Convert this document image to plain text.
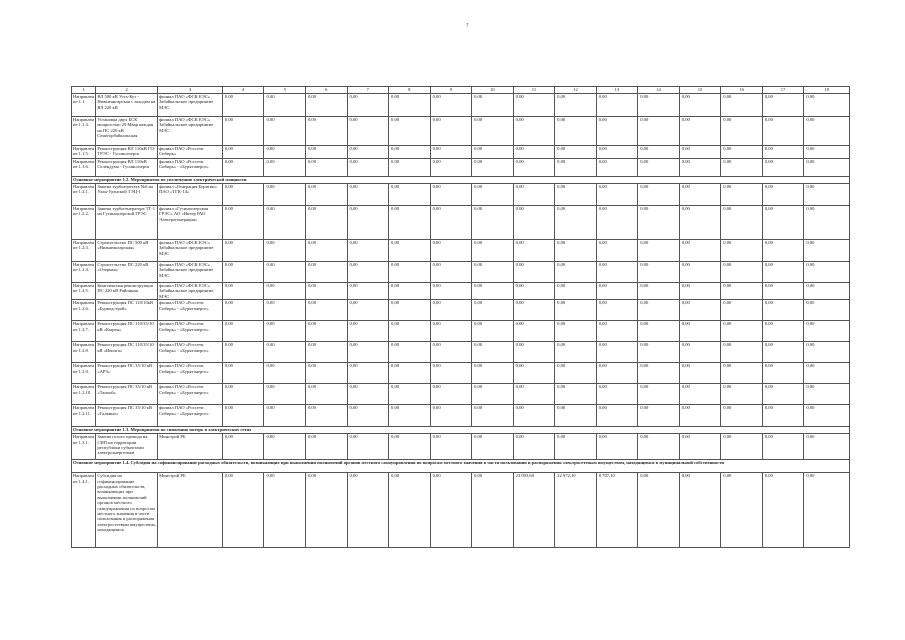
7
1	2	3	4	5	6	7	8	9	10	11	12	13	14	15	16	17	18
Направление 1.1.	ВЛ 500 кВ Усть-Кут - Нижнеангарская с заходом на ВЛ 220 кВ	филиал ПАО «ФСК ЕЭС» Забайкальское предприятие МЭС	0,00	0,00	0,00	0,00	0,00	0,00	0,00	0,00	0,00	0,00	0,00	0,00	0,00	0,00	0,00
Направление 1.1.4.	Установка двух БСК мощностью 29 Мвар каждая на ПС 220 кВ Сеногорбайкальская	филиал ПАО «ФСК ЕЭС» Забайкальское предприятие МЭС	0,00	0,00	0,00	0,00	0,00	0,00	0,00	0,00	0,00	0,00	0,00	0,00	0,00	0,00	0,00
Направление 1.1.5.	Реконструкция ВЛ 110кВ ГО-ТРЭС - Гусиноозерск	филиал ПАО «Россети Сибирь»	0,00	0,00	0,00	0,00	0,00	0,00	0,00	0,00	0,00	0,00	0,00	0,00	0,00	0,00	0,00
Направление 1.1.6.	Реконструкция ВЛ 110кВ Селендума - Гусиноозерск	филиал ПАО «Россети Сибирь» - «Бурятэнерго»	0,00	0,00	0,00	0,00	0,00	0,00	0,00	0,00	0,00	0,00	0,00	0,00	0,00	0,00	0,00
Основное мероприятие 1.2. Мероприятия по увеличению электрической мощности																	
Направление 1.2.1.	Замена турбоагрегата №6 на Улан-Удэнской ТЭЦ-1	филиал «Генерация Бурятии» ПАО «ТГК-14»	0,00	0,00	0,00	0,00	0,00	0,00	0,00	0,00	0,00	0,00	0,00	0,00	0,00	0,00	0,00
Направление 1.2.2.	Замена турбогенератора ТГ-1 на Гусиноозерской ГРЭС	филиал «Гусиноозерская ГРЭС» АО «Интер РАО Электрогенерация»	0,00	0,00	0,00	0,00	0,00	0,00	0,00	0,00	0,00	0,00	0,00	0,00	0,00	0,00	0,00
Направление 1.2.3.	Строительство ПС 500 кВ «Нижнеангарская»	филиал ПАО «ФСК ЕЭС» Забайкальское предприятие МЭС	0,00	0,00	0,00	0,00	0,00	0,00	0,00	0,00	0,00	0,00	0,00	0,00	0,00	0,00	0,00
Направление 1.2.4.	Строительство ПС 220 кВ «Озерная»	филиал ПАО «ФСК ЕЭС» Забайкальское предприятие МЭС	0,00	0,00	0,00	0,00	0,00	0,00	0,00	0,00	0,00	0,00	0,00	0,00	0,00	0,00	0,00
Направление 1.2.5.	Комплексная реконструкция ПС 220 кВ Районная	филиал ПАО «ФСК ЕЭС» Забайкальское предприятие МЭС	0,00	0,00	0,00	0,00	0,00	0,00	0,00	0,00	0,00	0,00	0,00	0,00	0,00	0,00	0,00
Направление 1.2.6.	Реконструкция ПС 110/10кВ «Бурводстрой»	филиал ПАО «Россети Сибирь» - «Бурятэнерго»	0,00	0,00	0,00	0,00	0,00	0,00	0,00	0,00	0,00	0,00	0,00	0,00	0,00	0,00	0,00
Направление 1.2.7.	Реконструкция ПС 110/35/10 кВ «Кырен»	филиал ПАО «Россети Сибирь» - «Бурятэнерго»	0,00	0,00	0,00	0,00	0,00	0,00	0,00	0,00	0,00	0,00	0,00	0,00	0,00	0,00	0,00
Направление 1.2.8.	Реконструкция ПС 110/35/10 кВ «Иволга»	филиал ПАО «Россети Сибирь» - «Бурятэнерго»	0,00	0,00	0,00	0,00	0,00	0,00	0,00	0,00	0,00	0,00	0,00	0,00	0,00	0,00	0,00
Направление 1.2.9.	Реконструкция ПС 35/10 кВ «АРЗ»	филиал ПАО «Россети Сибирь» - «Бурятэнерго»	0,00	0,00	0,00	0,00	0,00	0,00	0,00	0,00	0,00	0,00	0,00	0,00	0,00	0,00	0,00
Направление 1.2.10.	Реконструкция ПС 35/10 кВ «Танхой»	филиал ПАО «Россети Сибирь» - «Бурятэнерго»	0,00	0,00	0,00	0,00	0,00	0,00	0,00	0,00	0,00	0,00	0,00	0,00	0,00	0,00	0,00
Направление 1.2.11.	Реконструкция ПС 35/10 кВ «Галкино»	филиал ПАО «Россети Сибирь» - «Бурятэнерго»	0,00	0,00	0,00	0,00	0,00	0,00	0,00	0,00	0,00	0,00	0,00	0,00	0,00	0,00	0,00
Основное мероприятие 1.3. Мероприятия по снижению потерь в электрических сетях																	
Направление 1.3.1.	Замена голого провода на СИП на территории республики субъектами электроэнергетики	Минстрой РБ	0,00	0,00	0,00	0,00	0,00	0,00	0,00	0,00	0,00	0,00	0,00	0,00	0,00	0,00	0,00
Основное мероприятие 1.4. Субсидия на софинансирование расходных обязательств, возникающих при выполнении полномочий органов местного самоуправления по вопросам местного значения в части пользования и распоряжения электросетевым имуществом, находящимся в муниципальной собственности																	
Направление 1.4.1.	Субсидия на софинансирование расходных обязательств, возникающих при выполнении полномочий органов местного самоуправления по вопросам местного значения в части пользования и распоряжения электросетевым имуществом, находящимся	Минстрой РБ	0,00	0,00	0,00	0,00	0,00	0,00	0,00	23 093,60	22 972,10	8 707,10	0,00	0,00	0,00	0,00	0,00
